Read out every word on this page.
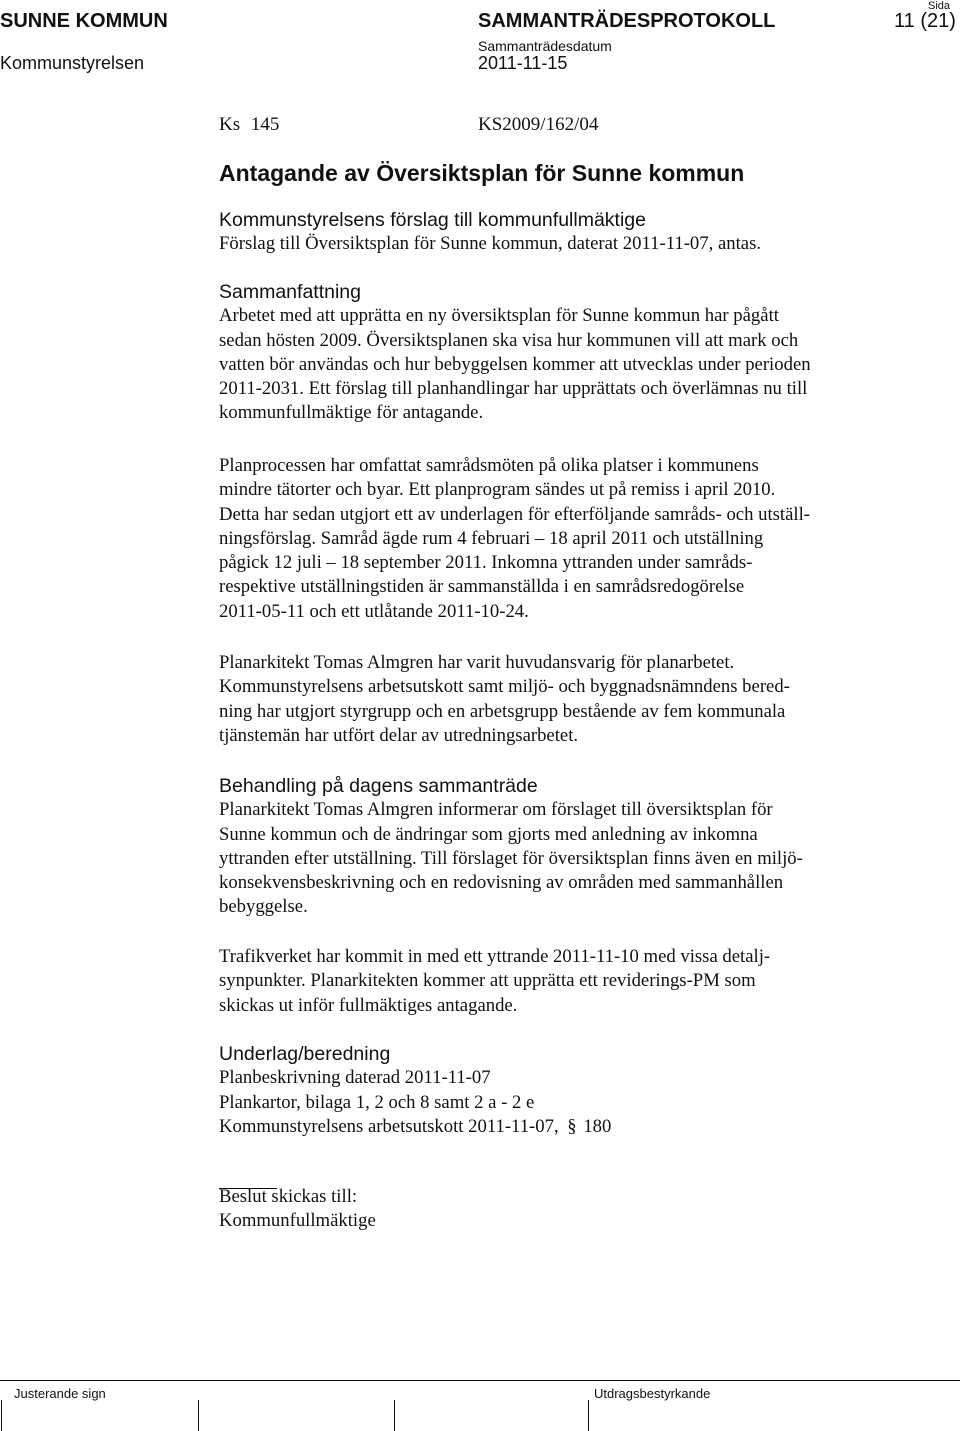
SUNNE KOMMUN
Kommunstyrelsen
SAMMANTRÄDESPROTOKOLL
Sammanträdesdatum
2011-11-15
Sida
11 (21)
Ks 145	KS2009/162/04
Antagande av Översiktsplan för Sunne kommun
Kommunstyrelsens förslag till kommunfullmäktige
Förslag till Översiktsplan för Sunne kommun, daterat 2011-11-07, antas.
Sammanfattning
Arbetet med att upprätta en ny översiktsplan för Sunne kommun har pågått
sedan hösten 2009. Översiktsplanen ska visa hur kommunen vill att mark och
vatten bör användas och hur bebyggelsen kommer att utvecklas under perioden
2011-2031. Ett förslag till planhandlingar har upprättats och överlämnas nu till
kommunfullmäktige för antagande.
Planprocessen har omfattat samrådsmöten på olika platser i kommunens
mindre tätorter och byar. Ett planprogram sändes ut på remiss i april 2010.
Detta har sedan utgjort ett av underlagen för efterföljande samråds- och utställ-
ningsförslag. Samråd ägde rum 4 februari – 18 april 2011 och utställning
pågick 12 juli – 18 september 2011. Inkomna yttranden under samråds-
respektive utställningstiden är sammanställda i en samrådsredogörelse
2011-05-11 och ett utlåtande 2011-10-24.
Planarkitekt Tomas Almgren har varit huvudansvarig för planarbetet.
Kommunstyrelsens arbetsutskott samt miljö- och byggnadsnämndens bered-
ning har utgjort styrgrupp och en arbetsgrupp bestående av fem kommunala
tjänstemän har utfört delar av utredningsarbetet.
Behandling på dagens sammanträde
Planarkitekt Tomas Almgren informerar om förslaget till översiktsplan för
Sunne kommun och de ändringar som gjorts med anledning av inkomna
yttranden efter utställning. Till förslaget för översiktsplan finns även en miljö-
konsekvensbeskrivning och en redovisning av områden med sammanhållen
bebyggelse.
Trafikverket har kommit in med ett yttrande 2011-11-10 med vissa detalj-
synpunkter. Planarkitekten kommer att upprätta ett reviderings-PM som
skickas ut inför fullmäktiges antagande.
Underlag/beredning
Planbeskrivning daterad 2011-11-07
Plankartor, bilaga 1, 2 och 8 samt 2 a - 2 e
Kommunstyrelsens arbetsutskott 2011-11-07, § 180
Beslut skickas till:
Kommunfullmäktige
Justerande sign	Utdragsbestyrkande
